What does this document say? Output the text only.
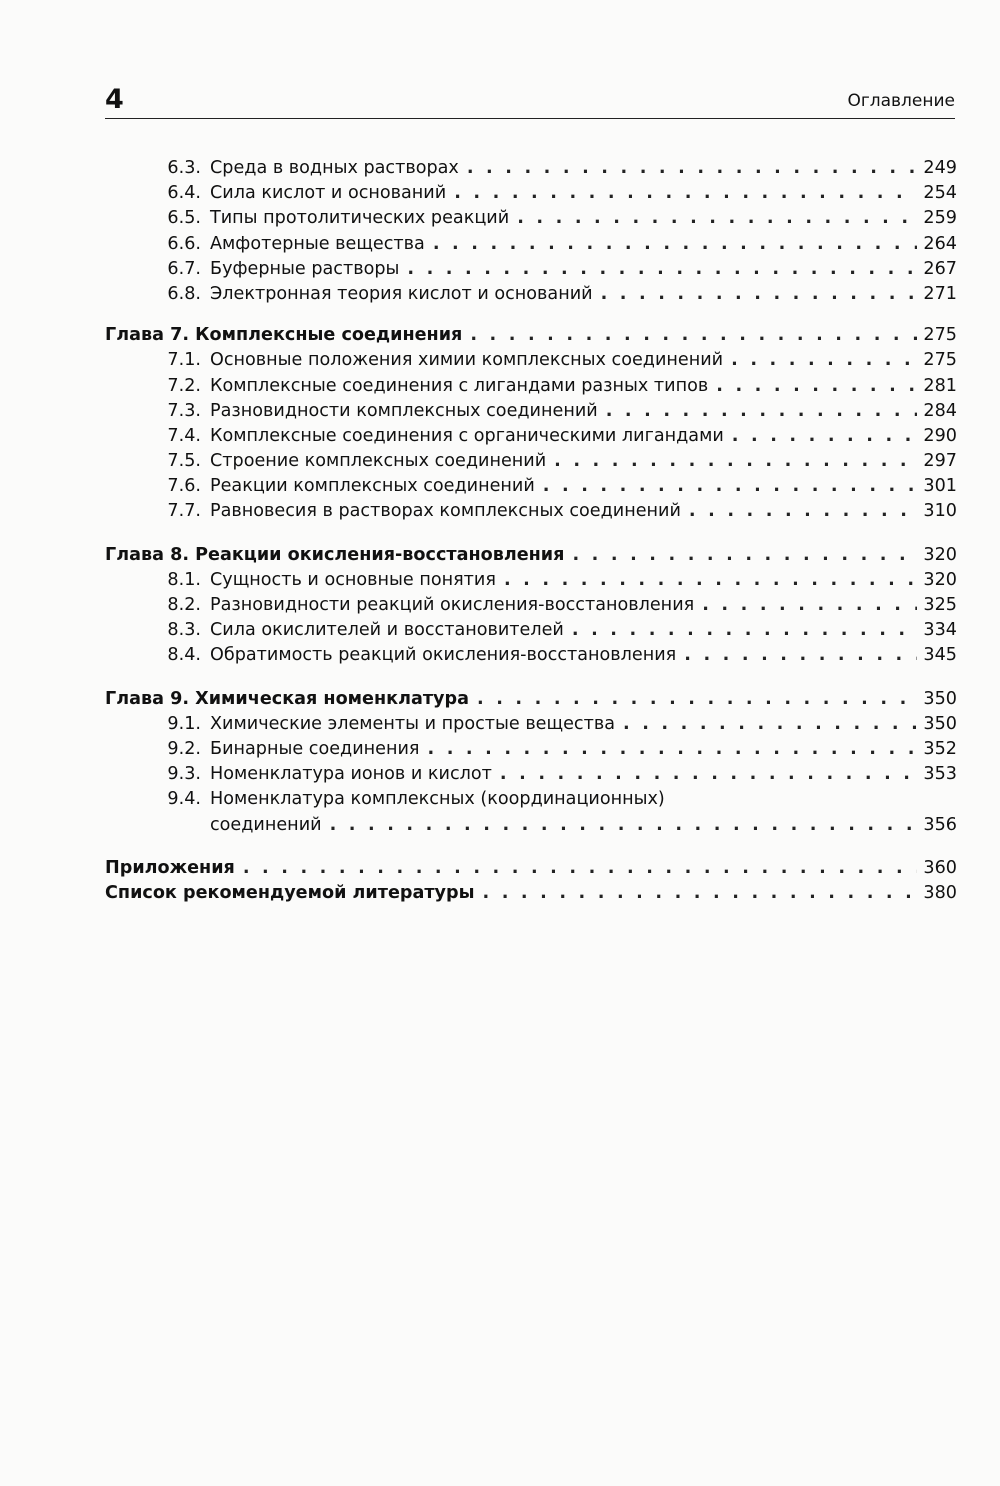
4	Оглавление
6.3. Среда в водных растворах . . .	249
6.4. Сила кислот и оснований . . .	254
6.5. Типы протолитических реакций . . .	259
6.6. Амфотерные вещества . . .	264
6.7. Буферные растворы . . .	267
6.8. Электронная теория кислот и оснований . . .	271
Глава 7. Комплексные соединения . . .	275
7.1. Основные положения химии комплексных соединений . . .	275
7.2. Комплексные соединения с лигандами разных типов . . .	281
7.3. Разновидности комплексных соединений . . .	284
7.4. Комплексные соединения с органическими лигандами . . .	290
7.5. Строение комплексных соединений . . .	297
7.6. Реакции комплексных соединений . . .	301
7.7. Равновесия в растворах комплексных соединений . . .	310
Глава 8. Реакции окисления-восстановления . . .	320
8.1. Сущность и основные понятия . . .	320
8.2. Разновидности реакций окисления-восстановления . . .	325
8.3. Сила окислителей и восстановителей . . .	334
8.4. Обратимость реакций окисления-восстановления . . .	345
Глава 9. Химическая номенклатура . . .	350
9.1. Химические элементы и простые вещества . . .	350
9.2. Бинарные соединения . . .	352
9.3. Номенклатура ионов и кислот . . .	353
9.4. Номенклатура комплексных (координационных)
соединений . . .	356
Приложения . . .	360
Список рекомендуемой литературы . . .	380
